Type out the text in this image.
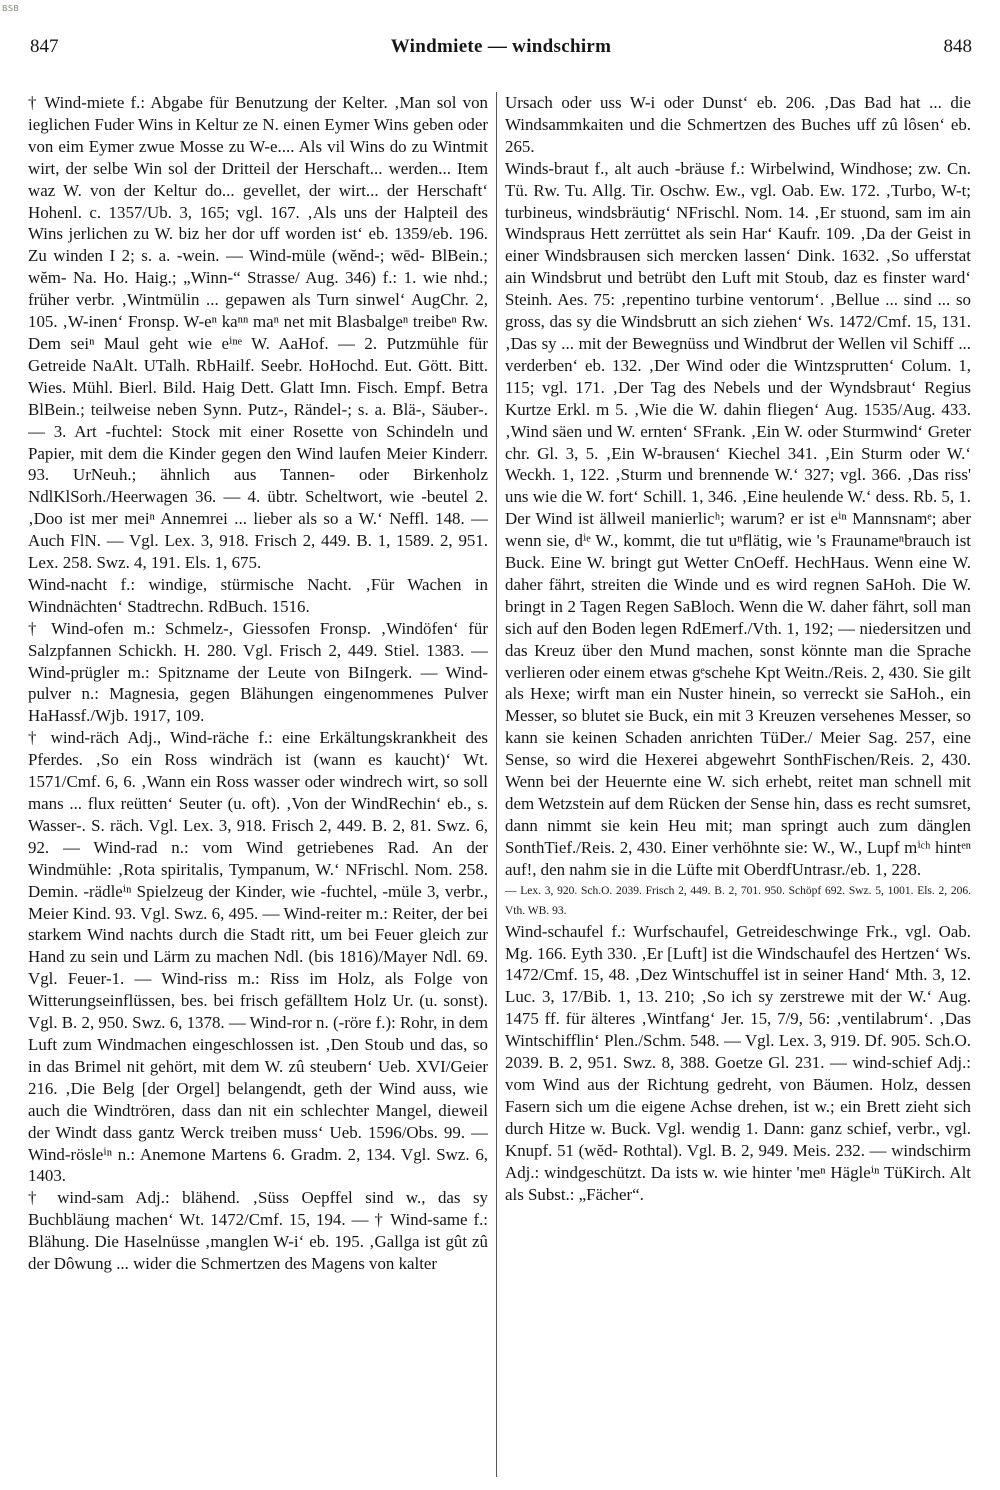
BSB
847	Windmiete — windschirm	848

† Wind-miete f.: Abgabe für Benutzung der Kelter. ‚Man sol von ieglichen Fuder Wins in Keltur ze N. einen Eymer Wins geben oder von eim Eymer zwue Mosse zu W-e.... Als vil Wins do zu Wintmit wirt, der selbe Win sol der Dritteil der Herschaft... werden... Item waz W. von der Keltur do... gevellet, der wirt... der Herschaft‘ Hohenl. c. 1357/Ub. 3, 165; vgl. 167. ‚Als uns der Halpteil des Wins jerlichen zu W. biz her dor uff worden ist‘ eb. 1359/eb. 196. Zu winden I 2; s. a. -wein. — Wind-müle (wĕnd-; wēd- BlBein.; wĕm- Na. Ho. Haig.; „Winn-“ Strasse/ Aug. 346) f.: 1. wie nhd.; früher verbr. ‚Wintmülin ... gepawen als Turn sinwel‘ AugChr. 2, 105. ‚W-inen‘ Fronsp. W-eⁿ kaⁿⁿ maⁿ net mit Blasbalgeⁿ treibeⁿ Rw. Dem seiⁿ Maul geht wie eⁱⁿᵉ W. AaHof. — 2. Putzmühle für Getreide NaAlt. UTalh. RbHailf. Seebr. HoHochd. Eut. Gött. Bitt. Wies. Mühl. Bierl. Bild. Haig Dett. Glatt Imn. Fisch. Empf. Betra BlBein.; teilweise neben Synn. Putz-, Rändel-; s. a. Blä-, Säuber-. — 3. Art -fuchtel: Stock mit einer Rosette von Schindeln und Papier, mit dem die Kinder gegen den Wind laufen Meier Kinderr. 93. UrNeuh.; ähnlich aus Tannen- oder Birkenholz NdlKlSorh./Heerwagen 36. — 4. übtr. Scheltwort, wie -beutel 2. ‚Doo ist mer meiⁿ Annemrei ... lieber als so a W.‘ Neffl. 148. — Auch FlN. — Vgl. Lex. 3, 918. Frisch 2, 449. B. 1, 1589. 2, 951. Lex. 258. Swz. 4, 191. Els. 1, 675.

Wind-nacht f.: windige, stürmische Nacht. ‚Für Wachen in Windnächten‘ Stadtrechn. RdBuch. 1516.

† Wind-ofen m.: Schmelz-, Giessofen Fronsp. ‚Windöfen‘ für Salzpfannen Schickh. H. 280. Vgl. Frisch 2, 449. Stiel. 1383. — Wind-prügler m.: Spitzname der Leute von BiIngerk. — Wind-pulver n.: Magnesia, gegen Blähungen eingenommenes Pulver HaHassf./Wjb. 1917, 109.

† wind-räch Adj., Wind-räche f.: eine Erkältungskrankheit des Pferdes. ‚So ein Ross windräch ist (wann es kaucht)‘ Wt. 1571/Cmf. 6, 6. ‚Wann ein Ross wasser oder windrech wirt, so soll mans ... flux reütten‘ Seuter (u. oft). ‚Von der WindRechin‘ eb., s. Wasser-. S. räch. Vgl. Lex. 3, 918. Frisch 2, 449. B. 2, 81. Swz. 6, 92. — Wind-rad n.: vom Wind getriebenes Rad. An der Windmühle: ‚Rota spiritalis, Tympanum, W.‘ NFrischl. Nom. 258. Demin. -rädleⁱⁿ Spielzeug der Kinder, wie -fuchtel, -müle 3, verbr., Meier Kind. 93. Vgl. Swz. 6, 495. — Wind-reiter m.: Reiter, der bei starkem Wind nachts durch die Stadt ritt, um bei Feuer gleich zur Hand zu sein und Lärm zu machen Ndl. (bis 1816)/Mayer Ndl. 69. Vgl. Feuer-1. — Wind-riss m.: Riss im Holz, als Folge von Witterungseinflüssen, bes. bei frisch gefälltem Holz Ur. (u. sonst). Vgl. B. 2, 950. Swz. 6, 1378. — Wind-ror n. (-röre f.): Rohr, in dem Luft zum Windmachen eingeschlossen ist. ‚Den Stoub und das, so in das Brimel nit gehört, mit dem W. zû steubern‘ Ueb. XVI/Geier 216. ‚Die Belg [der Orgel] belangendt, geth der Wind auss, wie auch die Windtrören, dass dan nit ein schlechter Mangel, dieweil der Windt dass gantz Werck treiben muss‘ Ueb. 1596/Obs. 99. — Wind-rösleⁱⁿ n.: Anemone Martens 6. Gradm. 2, 134. Vgl. Swz. 6, 1403.

† wind-sam Adj.: blähend. ‚Süss Oepffel sind w., das sy Buchbläung machen‘ Wt. 1472/Cmf. 15, 194. — † Wind-same f.: Blähung. Die Haselnüsse ‚manglen W-i‘ eb. 195. ‚Gallga ist gût zû der Dôwung ... wider die Schmertzen des Magens von kalter

Ursach oder uss W-i oder Dunst‘ eb. 206. ‚Das Bad hat ... die Windsammkaiten und die Schmertzen des Buches uff zû lôsen‘ eb. 265.

Winds-braut f., alt auch -bräuse f.: Wirbelwind, Windhose; zw. Cn. Tü. Rw. Tu. Allg. Tir. Oschw. Ew., vgl. Oab. Ew. 172. ‚Turbo, W-t; turbineus, windsbräutig‘ NFrischl. Nom. 14. ‚Er stuond, sam im ain Windspraus Hett zerrüttet als sein Har‘ Kaufr. 109. ‚Da der Geist in einer Windsbrausen sich mercken lassen‘ Dink. 1632. ‚So ufferstat ain Windsbrut und betrübt den Luft mit Stoub, daz es finster ward‘ Steinh. Aes. 75: ‚repentino turbine ventorum‘. ‚Bellue ... sind ... so gross, das sy die Windsbrutt an sich ziehen‘ Ws. 1472/Cmf. 15, 131. ‚Das sy ... mit der Bewegnüss und Windbrut der Wellen vil Schiff ... verderben‘ eb. 132. ‚Der Wind oder die Wintzsprutten‘ Colum. 1, 115; vgl. 171. ‚Der Tag des Nebels und der Wyndsbraut‘ Regius Kurtze Erkl. m 5. ‚Wie die W. dahin fliegen‘ Aug. 1535/Aug. 433. ‚Wind säen und W. ernten‘ SFrank. ‚Ein W. oder Sturmwind‘ Greter chr. Gl. 3, 5. ‚Ein W-brausen‘ Kiechel 341. ‚Ein Sturm oder W.‘ Weckh. 1, 122. ‚Sturm und brennende W.‘ 327; vgl. 366. ‚Das riss' uns wie die W. fort‘ Schill. 1, 346. ‚Eine heulende W.‘ dess. Rb. 5, 1. Der Wind ist ällweil manierlicʰ; warum? er ist eⁱⁿ Mannsnamᵉ; aber wenn sie, dⁱᵉ W., kommt, die tut uⁿflätig, wie 's Fraunameⁿbrauch ist Buck. Eine W. bringt gut Wetter CnOeff. HechHaus. Wenn eine W. daher fährt, streiten die Winde und es wird regnen SaHoh. Die W. bringt in 2 Tagen Regen SaBloch. Wenn die W. daher fährt, soll man sich auf den Boden legen RdEmerf./Vth. 1, 192; — niedersitzen und das Kreuz über den Mund machen, sonst könnte man die Sprache verlieren oder einem etwas gᵉschehe Kpt Weitn./Reis. 2, 430. Sie gilt als Hexe; wirft man ein Nuster hinein, so verreckt sie SaHoh., ein Messer, so blutet sie Buck, ein mit 3 Kreuzen versehenes Messer, so kann sie keinen Schaden anrichten TüDer./ Meier Sag. 257, eine Sense, so wird die Hexerei abgewehrt SonthFischen/Reis. 2, 430. Wenn bei der Heuernte eine W. sich erhebt, reitet man schnell mit dem Wetzstein auf dem Rücken der Sense hin, dass es recht sumsret, dann nimmt sie kein Heu mit; man springt auch zum dänglen SonthTief./Reis. 2, 430. Einer verhöhnte sie: W., W., Lupf mⁱᶜʰ hintᵉⁿ auf!, den nahm sie in die Lüfte mit OberdfUntrasr./eb. 1, 228.

— Lex. 3, 920. Sch.O. 2039. Frisch 2, 449. B. 2, 701. 950. Schöpf 692. Swz. 5, 1001. Els. 2, 206. Vth. WB. 93.

Wind-schaufel f.: Wurfschaufel, Getreideschwinge Frk., vgl. Oab. Mg. 166. Eyth 330. ‚Er [Luft] ist die Windschaufel des Hertzen‘ Ws. 1472/Cmf. 15, 48. ‚Dez Wintschuffel ist in seiner Hand‘ Mth. 3, 12. Luc. 3, 17/Bib. 1, 13. 210; ‚So ich sy zerstrewe mit der W.‘ Aug. 1475 ff. für älteres ‚Wintfang‘ Jer. 15, 7/9, 56: ‚ventilabrum‘. ‚Das Wintschifflin‘ Plen./Schm. 548. — Vgl. Lex. 3, 919. Df. 905. Sch.O. 2039. B. 2, 951. Swz. 8, 388. Goetze Gl. 231. — wind-schief Adj.: vom Wind aus der Richtung gedreht, von Bäumen. Holz, dessen Fasern sich um die eigene Achse drehen, ist w.; ein Brett zieht sich durch Hitze w. Buck. Vgl. wendig 1. Dann: ganz schief, verbr., vgl. Knupf. 51 (wĕd- Rothtal). Vgl. B. 2, 949. Meis. 232. — windschirm Adj.: windgeschützt. Da ists w. wie hinter 'meⁿ Hägleⁱⁿ TüKirch. Alt als Subst.: „Fächer“.
